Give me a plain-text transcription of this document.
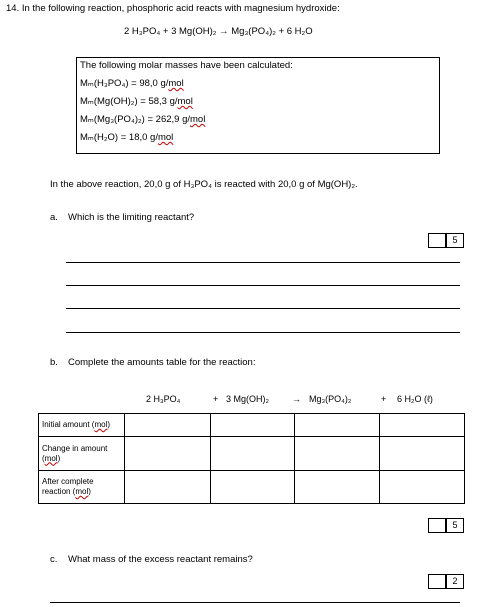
14. In the following reaction, phosphoric acid reacts with magnesium hydroxide:
2 H₃PO₄ + 3 Mg(OH)₂ → Mg₃(PO₄)₂ + 6 H₂O
The following molar masses have been calculated:
Mₘ(H₃PO₄) = 98,0 g/mol
Mₘ(Mg(OH)₂) = 58,3 g/mol
Mₘ(Mg₃(PO₄)₂) = 262,9 g/mol
Mₘ(H₂O) = 18,0 g/mol
In the above reaction, 20,0 g of H₃PO₄ is reacted with 20,0 g of Mg(OH)₂.
a. Which is the limiting reactant?
5
b. Complete the amounts table for the reaction:
2 H₃PO₄	+ 3 Mg(OH)₂	→ Mg₃(PO₄)₂	+ 6 H₂O (ℓ)
Initial amount (mol)				
Change in amount (mol)				
After complete reaction (mol)				
5
c. What mass of the excess reactant remains?
2
